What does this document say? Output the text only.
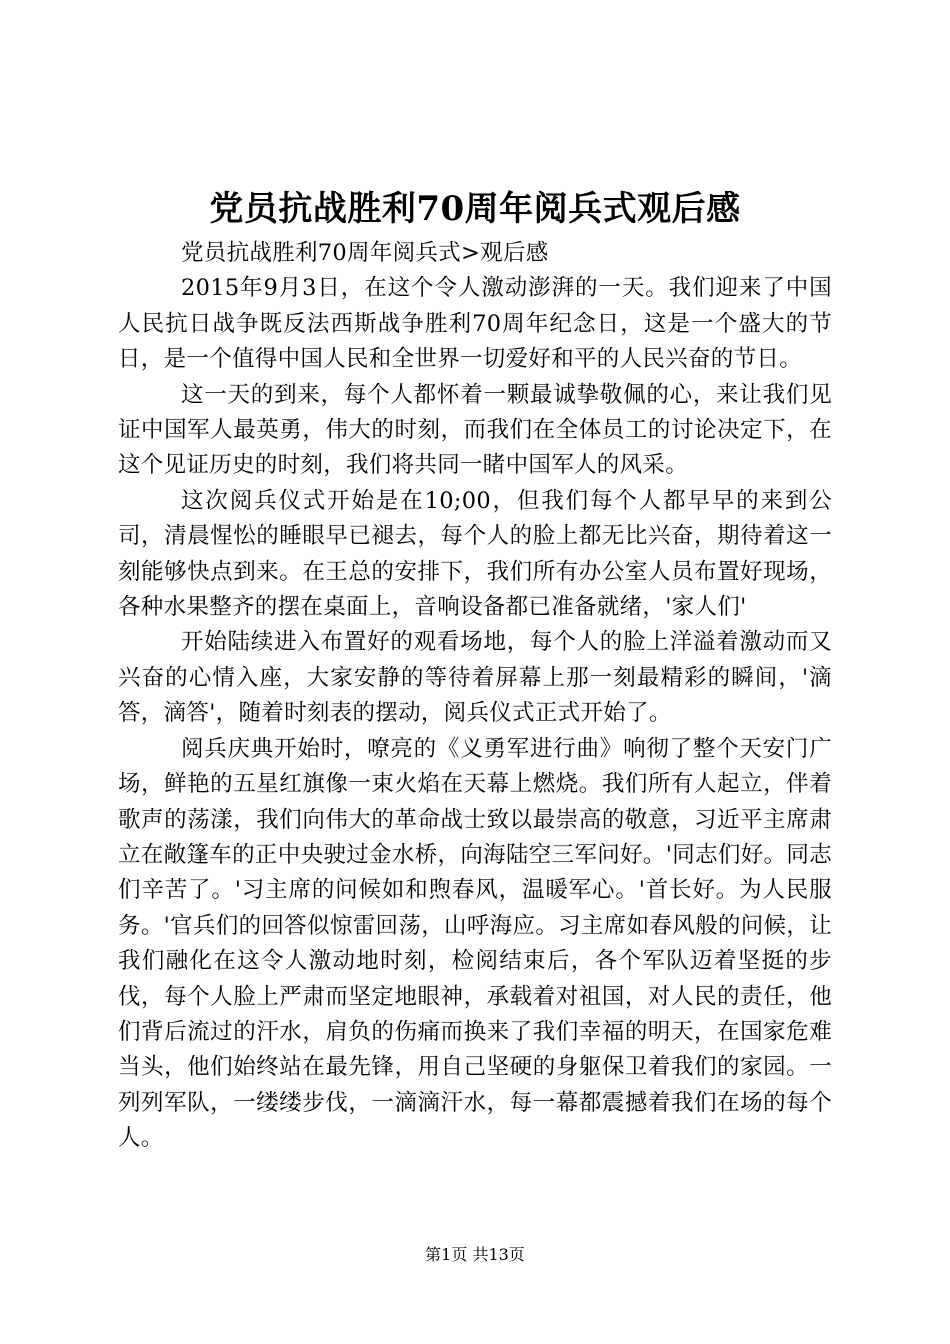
党员抗战胜利70周年阅兵式观后感

党员抗战胜利70周年阅兵式>观后感

2015年9月3日，在这个令人激动澎湃的一天。我们迎来了中国人民抗日战争既反法西斯战争胜利70周年纪念日，这是一个盛大的节日，是一个值得中国人民和全世界一切爱好和平的人民兴奋的节日。

这一天的到来，每个人都怀着一颗最诚挚敬佩的心，来让我们见证中国军人最英勇，伟大的时刻，而我们在全体员工的讨论决定下，在这个见证历史的时刻，我们将共同一睹中国军人的风采。

这次阅兵仪式开始是在10;00，但我们每个人都早早的来到公司，清晨惺忪的睡眼早已褪去，每个人的脸上都无比兴奋，期待着这一刻能够快点到来。在王总的安排下，我们所有办公室人员布置好现场，各种水果整齐的摆在桌面上，音响设备都已准备就绪，'家人们'

开始陆续进入布置好的观看场地，每个人的脸上洋溢着激动而又兴奋的心情入座，大家安静的等待着屏幕上那一刻最精彩的瞬间，'滴答，滴答'，随着时刻表的摆动，阅兵仪式正式开始了。

阅兵庆典开始时，嘹亮的《义勇军进行曲》响彻了整个天安门广场，鲜艳的五星红旗像一束火焰在天幕上燃烧。我们所有人起立，伴着歌声的荡漾，我们向伟大的革命战士致以最崇高的敬意，习近平主席肃立在敞篷车的正中央驶过金水桥，向海陆空三军问好。'同志们好。同志们辛苦了。'习主席的问候如和煦春风，温暖军心。'首长好。为人民服务。'官兵们的回答似惊雷回荡，山呼海应。习主席如春风般的问候，让我们融化在这令人激动地时刻，检阅结束后，各个军队迈着坚挺的步伐，每个人脸上严肃而坚定地眼神，承载着对祖国，对人民的责任，他们背后流过的汗水，肩负的伤痛而换来了我们幸福的明天，在国家危难当头，他们始终站在最先锋，用自己坚硬的身躯保卫着我们的家园。一列列军队，一缕缕步伐，一滴滴汗水，每一幕都震撼着我们在场的每个人。

第1页 共13页
